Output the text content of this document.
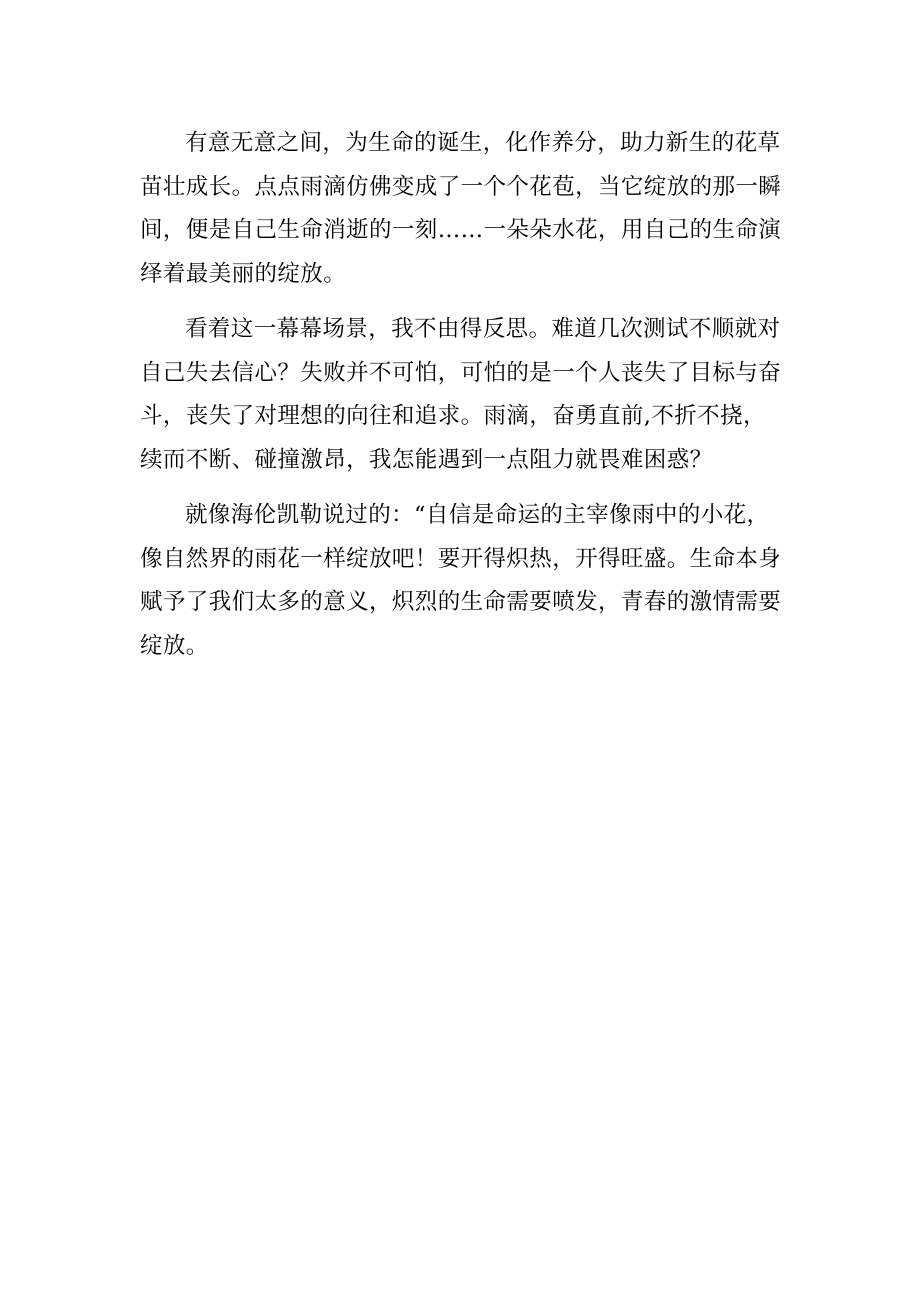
有意无意之间，为生命的诞生，化作养分，助力新生的花草苗壮成长。点点雨滴仿佛变成了一个个花苞，当它绽放的那一瞬间，便是自己生命消逝的一刻……一朵朵水花，用自己的生命演绎着最美丽的绽放。

看着这一幕幕场景，我不由得反思。难道几次测试不顺就对自己失去信心？失败并不可怕，可怕的是一个人丧失了目标与奋斗，丧失了对理想的向往和追求。雨滴，奋勇直前,不折不挠，续而不断、碰撞激昂，我怎能遇到一点阻力就畏难困惑？

就像海伦凯勒说过的：“自信是命运的主宰像雨中的小花，像自然界的雨花一样绽放吧！要开得炽热，开得旺盛。生命本身赋予了我们太多的意义，炽烈的生命需要喷发，青春的激情需要绽放。
